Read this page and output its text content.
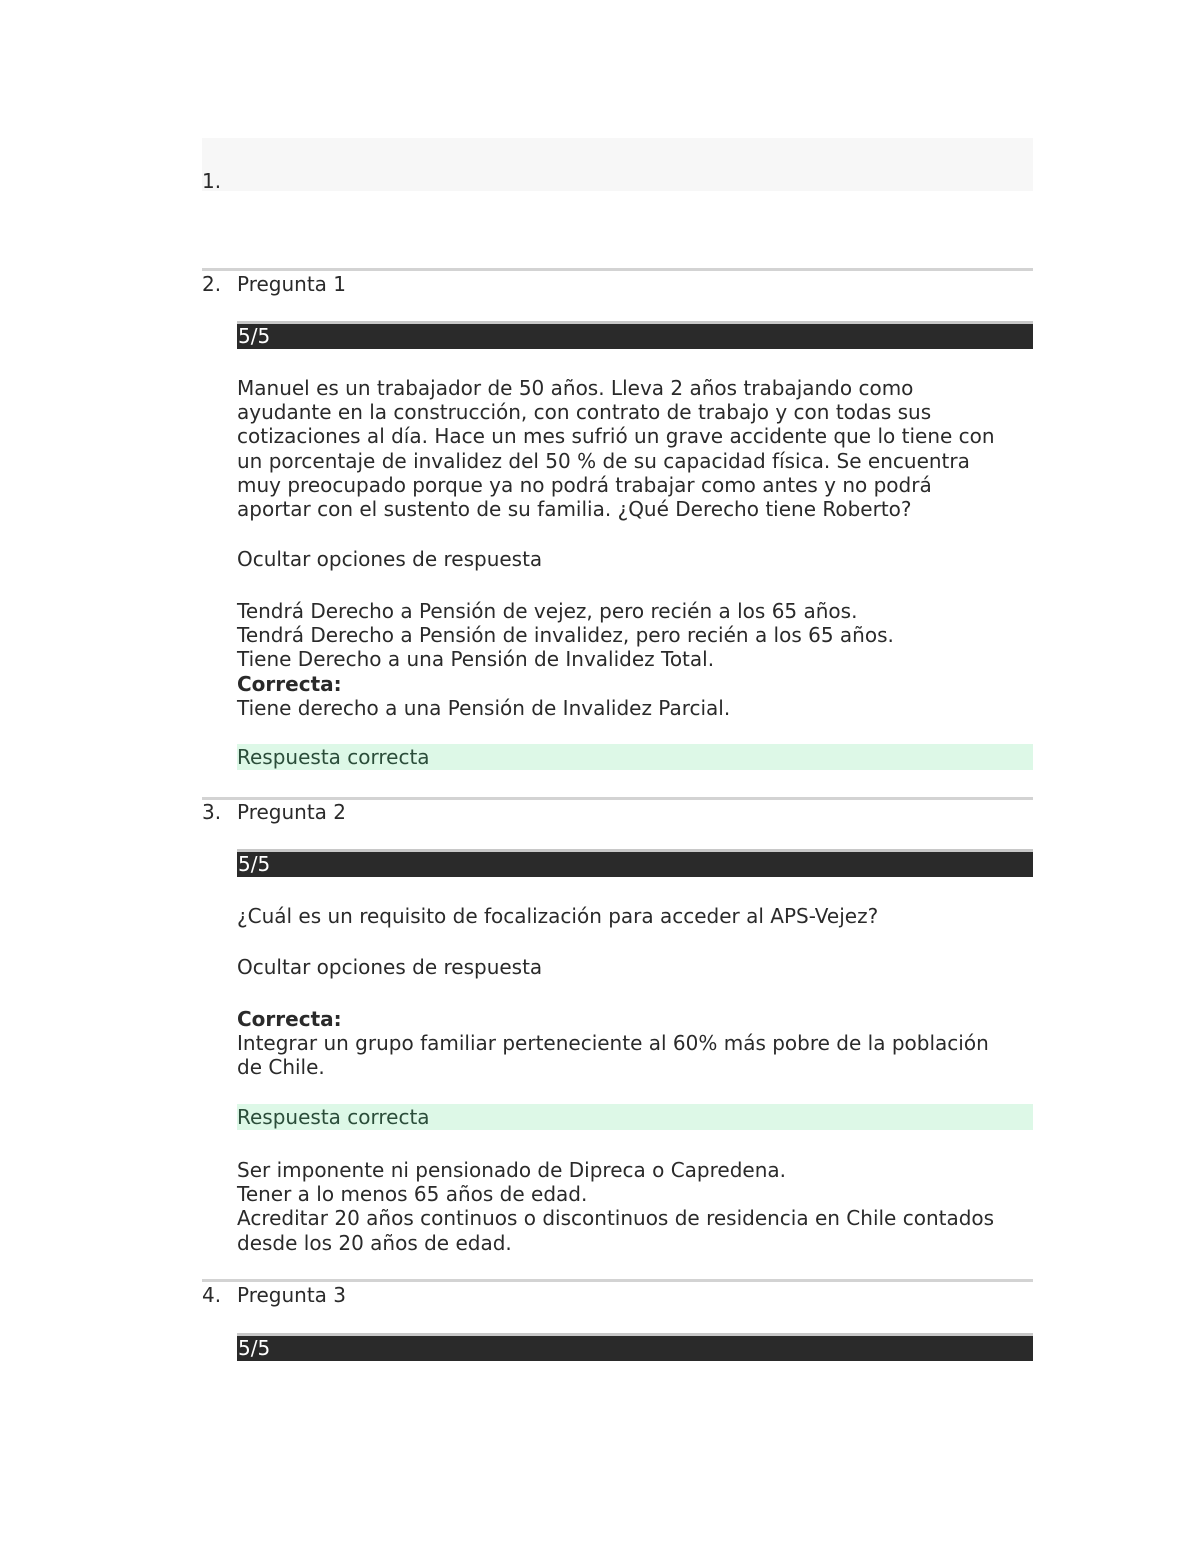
1.
2. Pregunta 1
5/5
Manuel es un trabajador de 50 años. Lleva 2 años trabajando como
ayudante en la construcción, con contrato de trabajo y con todas sus
cotizaciones al día. Hace un mes sufrió un grave accidente que lo tiene con
un porcentaje de invalidez del 50 % de su capacidad física. Se encuentra
muy preocupado porque ya no podrá trabajar como antes y no podrá
aportar con el sustento de su familia. ¿Qué Derecho tiene Roberto?
Ocultar opciones de respuesta
Tendrá Derecho a Pensión de vejez, pero recién a los 65 años.
Tendrá Derecho a Pensión de invalidez, pero recién a los 65 años.
Tiene Derecho a una Pensión de Invalidez Total.
Correcta:
Tiene derecho a una Pensión de Invalidez Parcial.
Respuesta correcta
3. Pregunta 2
5/5
¿Cuál es un requisito de focalización para acceder al APS-Vejez?
Ocultar opciones de respuesta
Correcta:
Integrar un grupo familiar perteneciente al 60% más pobre de la población
de Chile.
Respuesta correcta
Ser imponente ni pensionado de Dipreca o Capredena.
Tener a lo menos 65 años de edad.
Acreditar 20 años continuos o discontinuos de residencia en Chile contados
desde los 20 años de edad.
4. Pregunta 3
5/5
